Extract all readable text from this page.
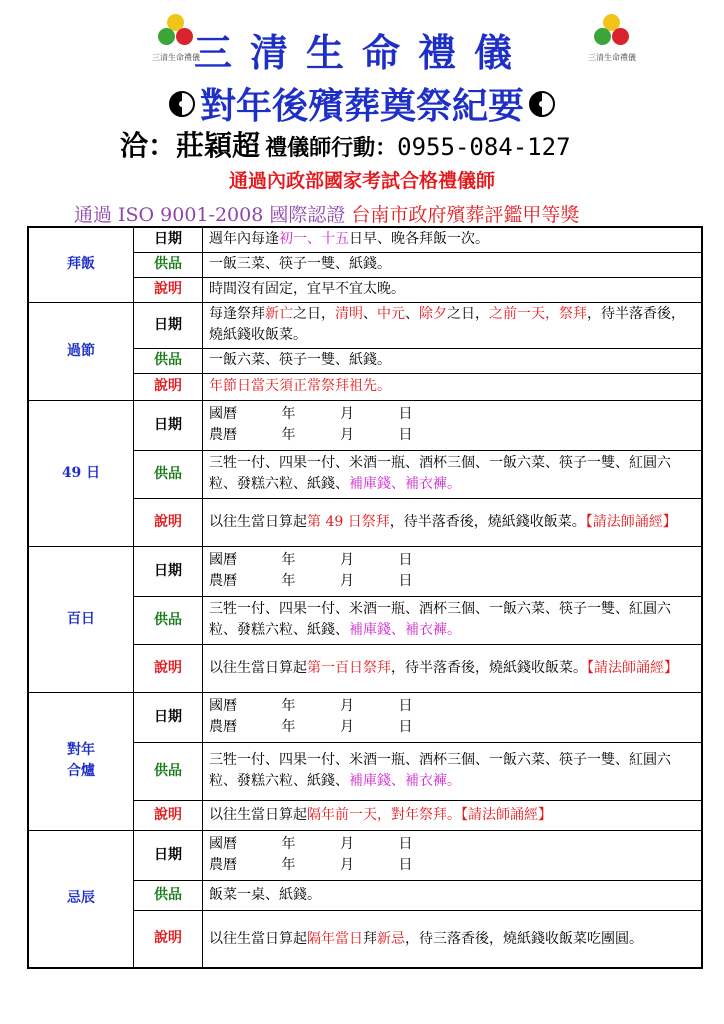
三清生命禮儀	三清生命禮儀
三清生命禮儀
對年後殯葬奠祭紀要
洽：莊穎超 禮儀師行動：0955-084-127
通過內政部國家考試合格禮儀師
通過 ISO 9001-2008 國際認證 台南市政府殯葬評鑑甲等獎
拜飯	日期	週年內每逢初一、十五日早、晚各拜飯一次。
	供品	一飯三菜、筷子一雙、紙錢。
	說明	時間沒有固定，宜早不宜太晚。
過節	日期	每逢祭拜新亡之日，清明、中元、除夕之日，之前一天，祭拜，待半落香後，燒紙錢收飯菜。
	供品	一飯六菜、筷子一雙、紙錢。
	說明	年節日當天須正常祭拜祖先。
49 日	日期	國曆          年          月          日
農曆          年          月          日

	供品	三牲一付、四果一付、米酒一瓶、酒杯三個、一飯六菜、筷子一雙、紅圓六粒、發糕六粒、紙錢、補庫錢、補衣褲。
	說明	以往生當日算起第 49 日祭拜，待半落香後，燒紙錢收飯菜。【請法師誦經】
百日	日期	國曆          年          月          日
農曆          年          月          日

	供品	三牲一付、四果一付、米酒一瓶、酒杯三個、一飯六菜、筷子一雙、紅圓六粒、發糕六粒、紙錢、補庫錢、補衣褲。
	說明	以往生當日算起第一百日祭拜，待半落香後，燒紙錢收飯菜。【請法師誦經】

對年
合爐	日期	國曆          年          月          日
農曆          年          月          日

	供品	三牲一付、四果一付、米酒一瓶、酒杯三個、一飯六菜、筷子一雙、紅圓六粒、發糕六粒、紙錢、補庫錢、補衣褲。
	說明	以往生當日算起隔年前一天，對年祭拜。【請法師誦經】
忌辰	日期	國曆          年          月          日
農曆          年          月          日

	供品	飯菜一桌、紙錢。
	說明	以往生當日算起隔年當日拜新忌，待三落香後，燒紙錢收飯菜吃團圓。
